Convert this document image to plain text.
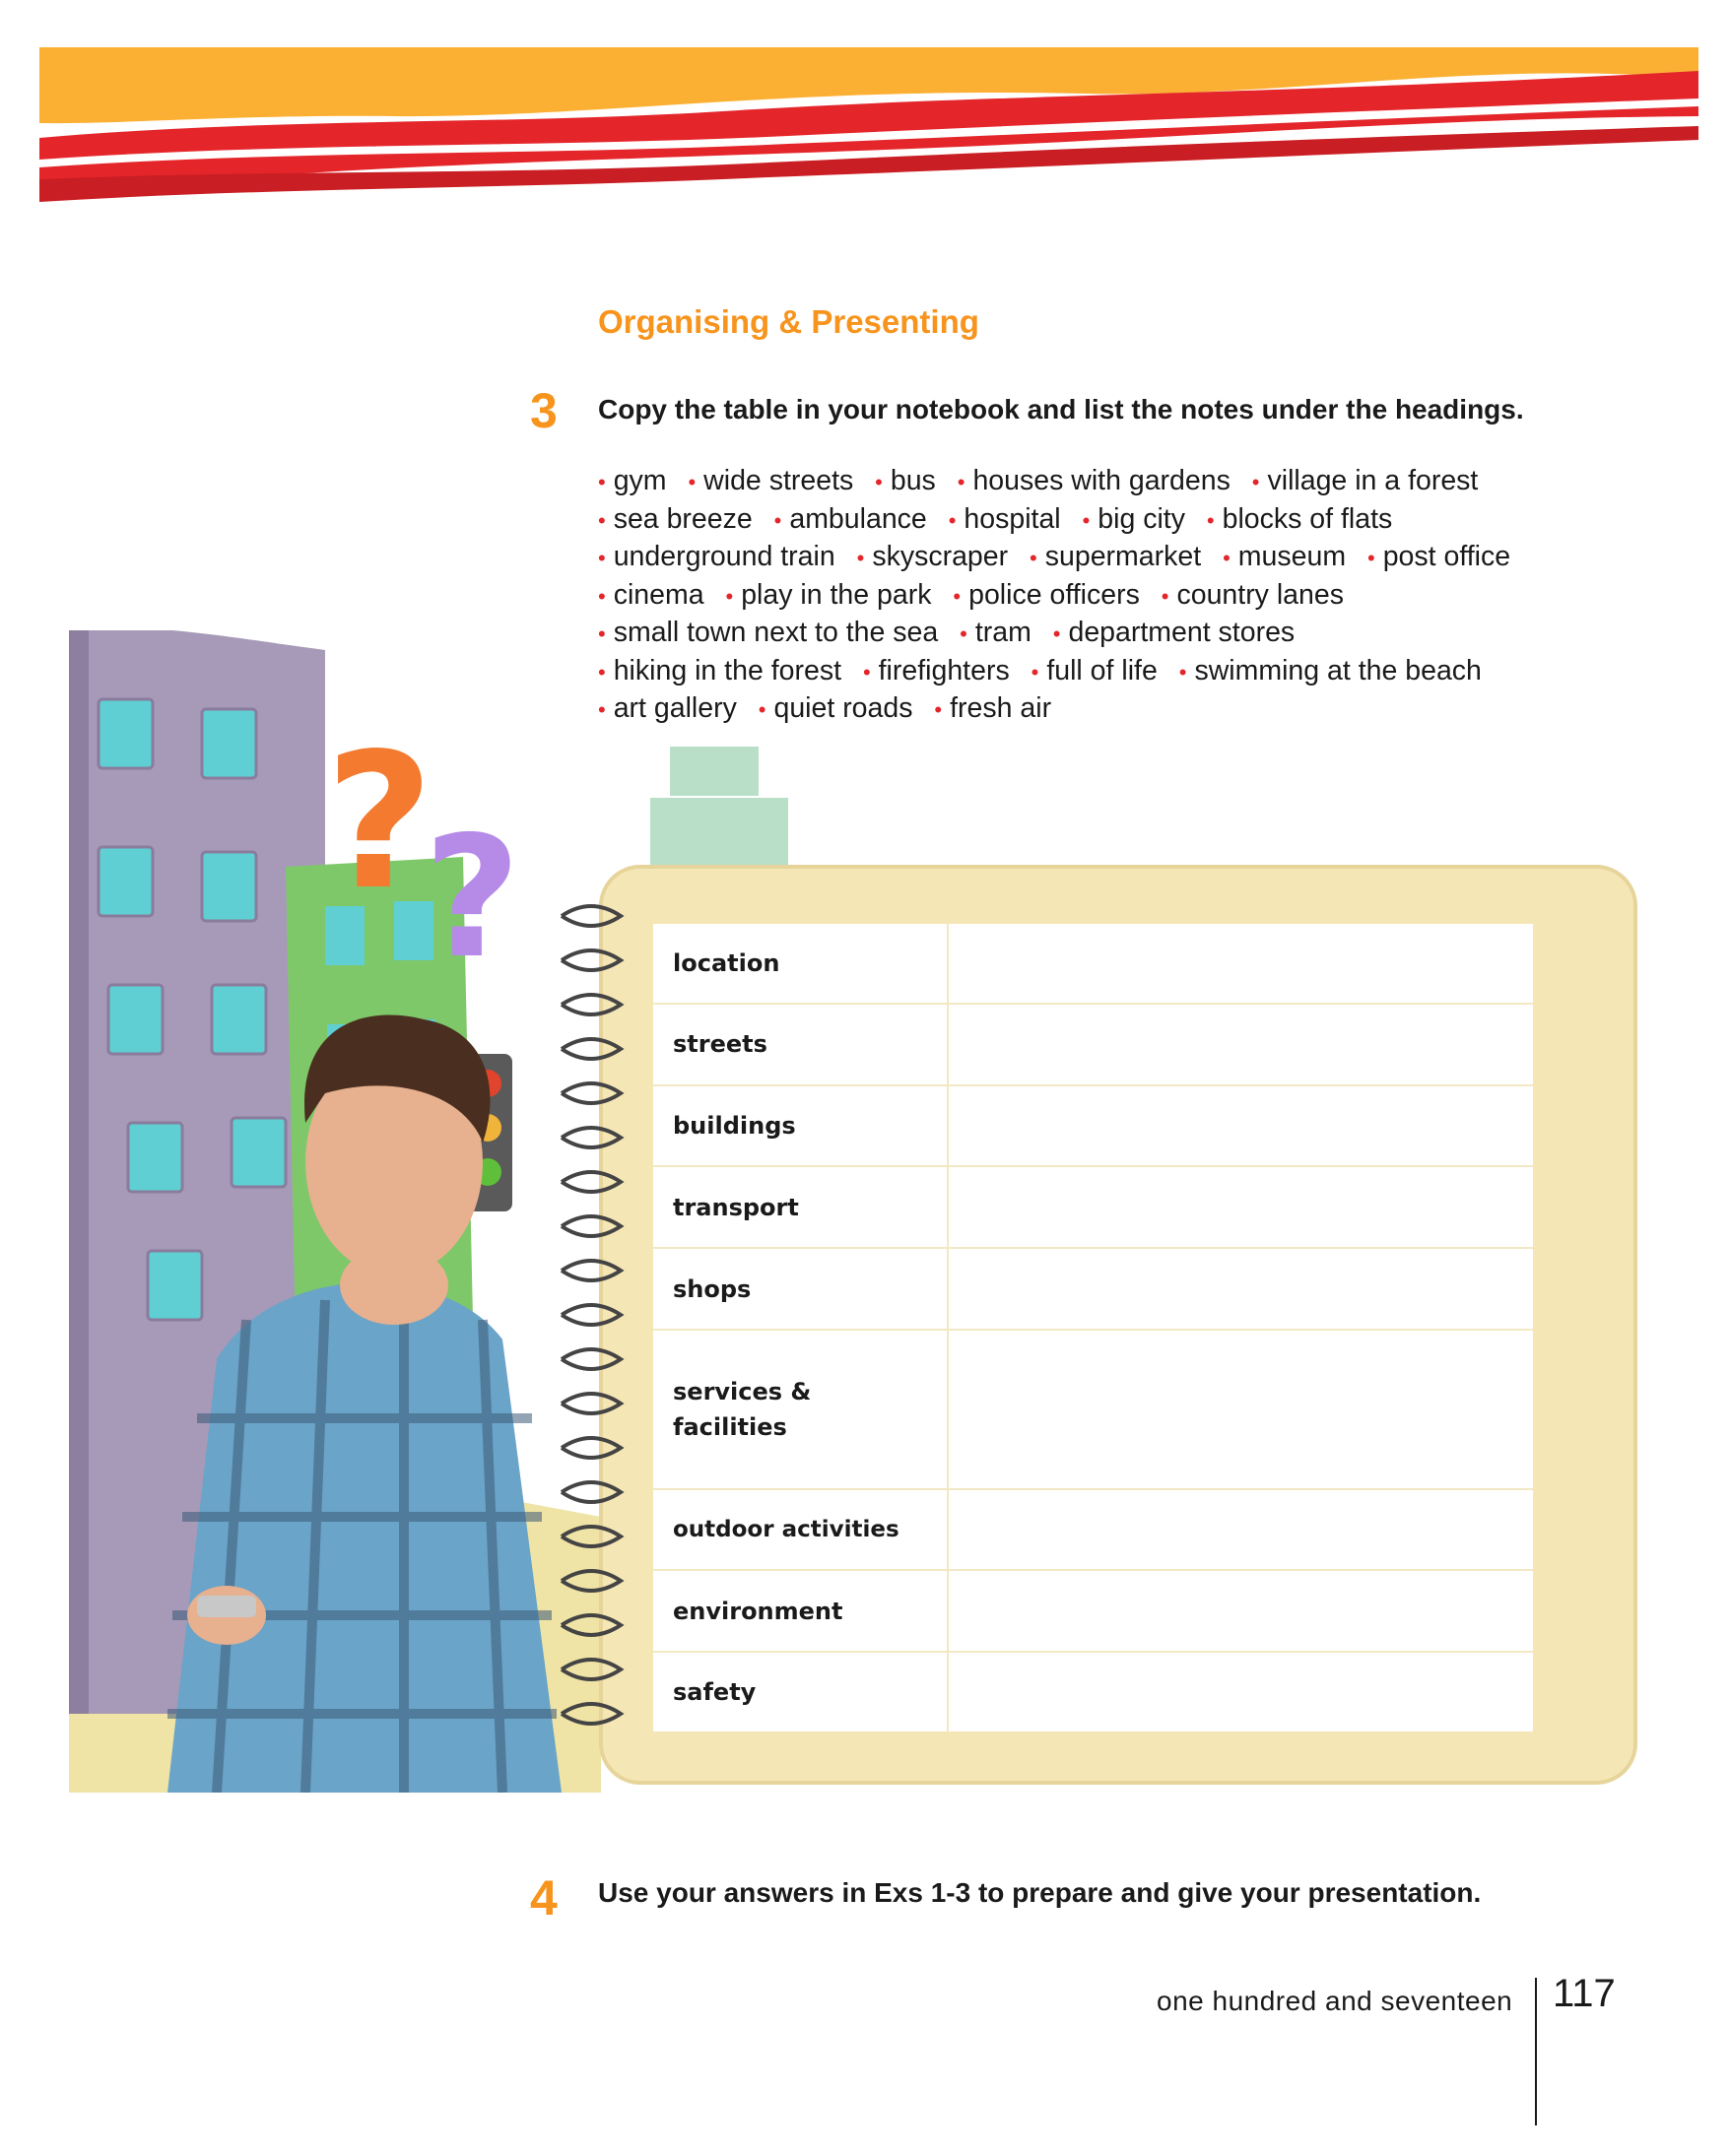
Organising & Presenting
3 Copy the table in your notebook and list the notes under the headings.
• gym • wide streets • bus • houses with gardens • village in a forest
• sea breeze • ambulance • hospital • big city • blocks of flats
• underground train • skyscraper • supermarket • museum • post office
• cinema • play in the park • police officers • country lanes
• small town next to the sea • tram • department stores
• hiking in the forest • firefighters • full of life • swimming at the beach
• art gallery • quiet roads • fresh air
?
?	location	
streets	
buildings	
transport	
shops	
services & facilities	
outdoor activities	
environment	
safety	
4 Use your answers in Exs 1-3 to prepare and give your presentation.
one hundred and seventeen 117
